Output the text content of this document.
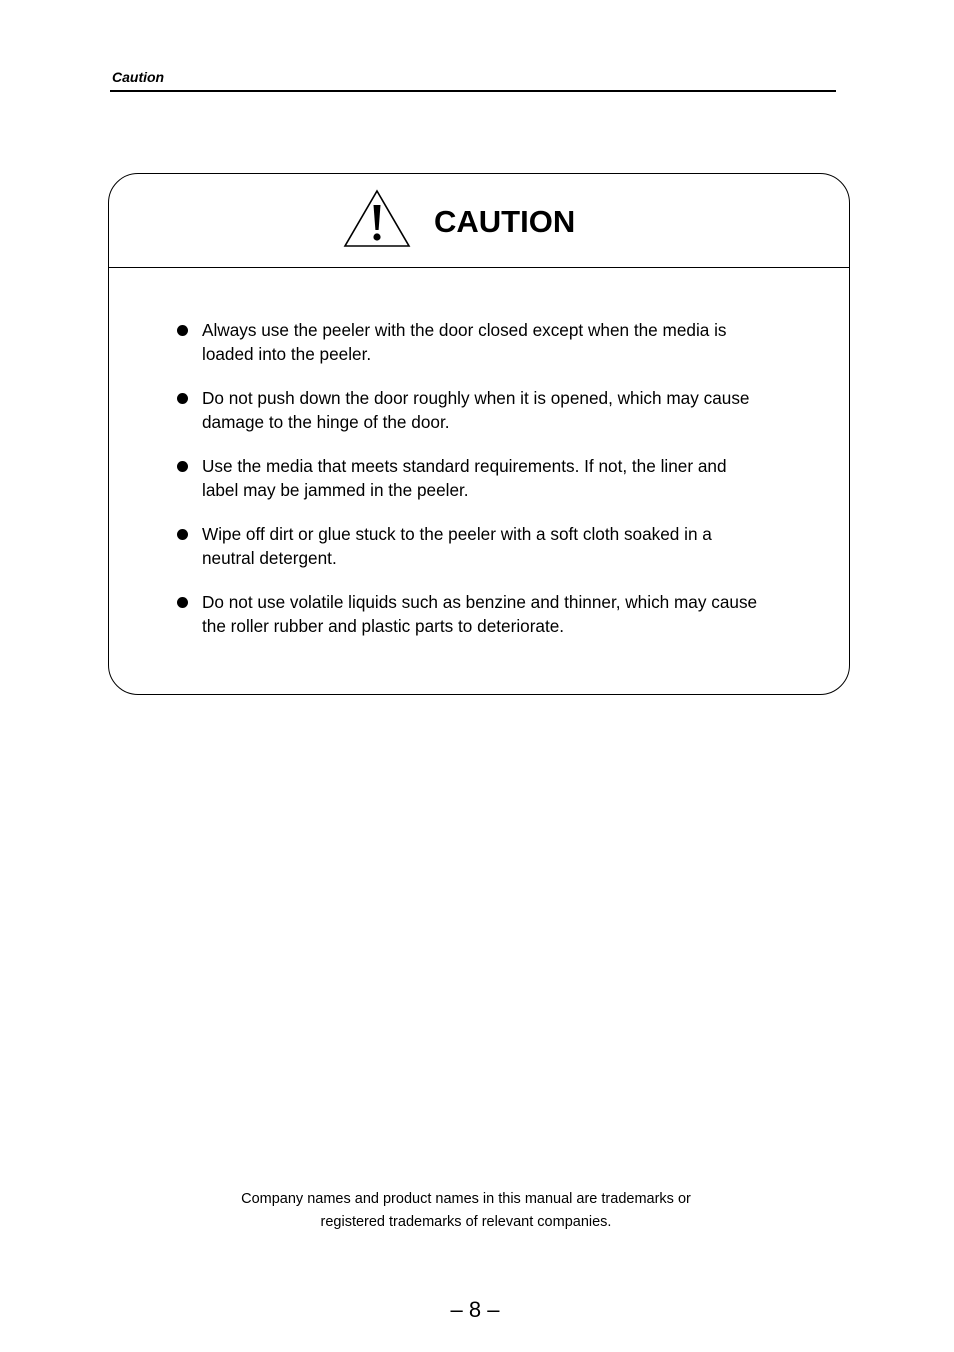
Caution

CAUTION
Always use the peeler with the door closed except when the media is loaded into the peeler.
Do not push down the door roughly when it is opened, which may cause damage to the hinge of the door.
Use the media that meets standard requirements. If not, the liner and label may be jammed in the peeler.
Wipe off dirt or glue stuck to the peeler with a soft cloth soaked in a neutral detergent.
Do not use volatile liquids such as benzine and thinner, which may cause the roller rubber and plastic parts to deteriorate.

Company names and product names in this manual are trademarks or
registered trademarks of relevant companies.

– 8 –
